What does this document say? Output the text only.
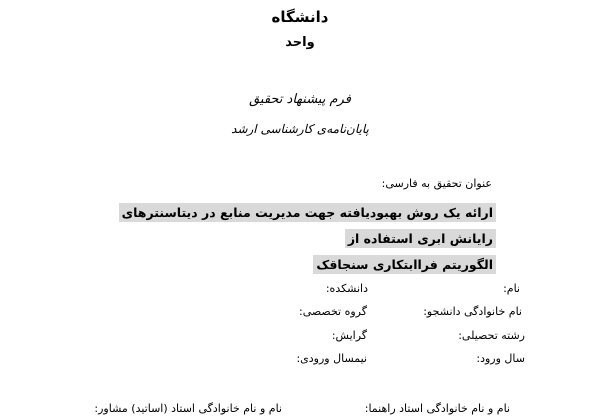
دانشگاه
واحد
فرم پیشنهاد تحقیق
پایان‌نامه‌ی کارشناسی ارشد
عنوان تحقیق به فارسی:
ارائه یک روش بهبودیافته جهت مدیریت منابع در دیتاسنترهای رایانش ابری استفاده از
الگوریتم فراابتکاری سنجاقک
نام:
دانشکده:
نام خانوادگی دانشجو:
گروه تخصصی:
رشته تحصیلی:
گرایش:
سال ورود:
نیمسال ورودی:
نام و نام خانوادگی استاد راهنما:
نام و نام خانوادگی استاد (اساتید) مشاور:
